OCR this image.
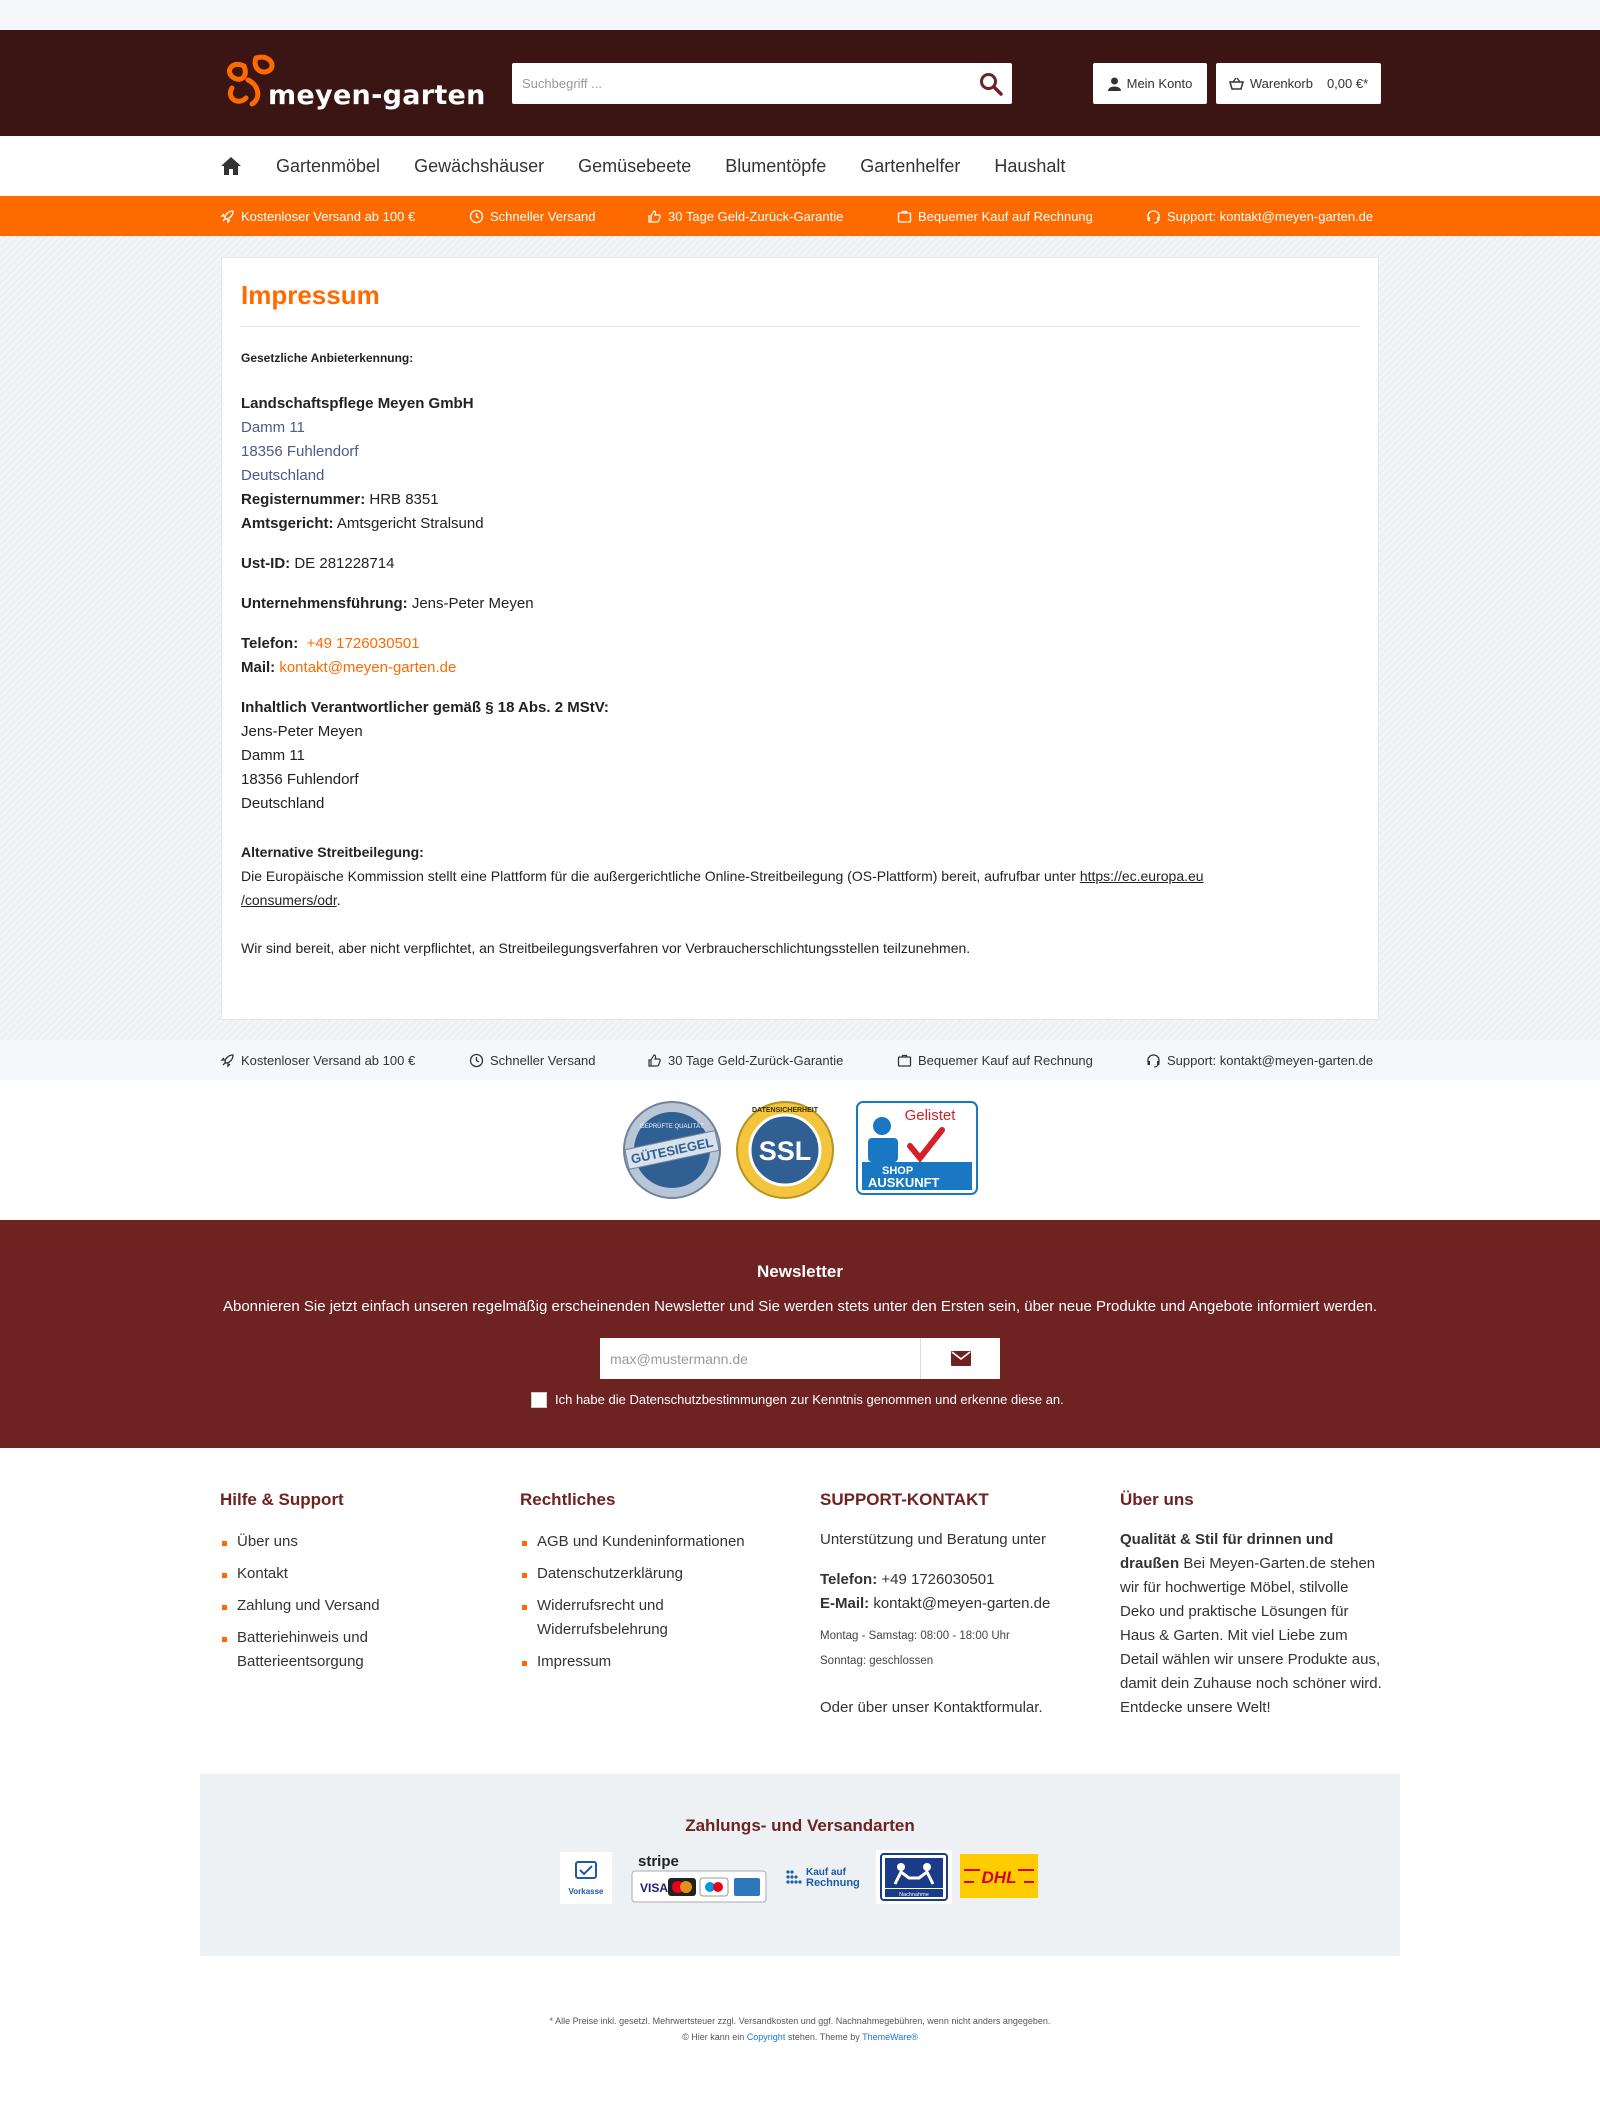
meyen-garten
Suchbegriff ...	Mein Konto	Warenkorb 0,00 €*
Gartenmöbel Gewächshäuser Gemüsebeete Blumentöpfe Gartenhelfer Haushalt
Kostenloser Versand ab 100 €	Schneller Versand	30 Tage Geld-Zurück-Garantie	Bequemer Kauf auf Rechnung	Support: kontakt@meyen-garten.de
Impressum
Gesetzliche Anbieterkennung:
Landschaftspflege Meyen GmbH
Damm 11
18356 Fuhlendorf
Deutschland
Registernummer: HRB 8351
Amtsgericht: Amtsgericht Stralsund
Ust-ID: DE 281228714
Unternehmensführung: Jens-Peter Meyen
Telefon: +49 1726030501
Mail: kontakt@meyen-garten.de
Inhaltlich Verantwortlicher gemäß § 18 Abs. 2 MStV:
Jens-Peter Meyen
Damm 11
18356 Fuhlendorf
Deutschland
Alternative Streitbeilegung:
Die Europäische Kommission stellt eine Plattform für die außergerichtliche Online-Streitbeilegung (OS-Plattform) bereit, aufrufbar unter https://ec.europa.eu
/consumers/odr.
Wir sind bereit, aber nicht verpflichtet, an Streitbeilegungsverfahren vor Verbraucherschlichtungsstellen teilzunehmen.
Kostenloser Versand ab 100 €	Schneller Versand	30 Tage Geld-Zurück-Garantie	Bequemer Kauf auf Rechnung	Support: kontakt@meyen-garten.de
GÜTESIEGEL
GEPRÜFTE QUALITÄT
SSL
DATENSICHERHEIT	Gelistet
SHOP
AUSKUNFT
Newsletter
Abonnieren Sie jetzt einfach unseren regelmäßig erscheinenden Newsletter und Sie werden stets unter den Ersten sein, über neue Produkte und Angebote informiert werden.
max@mustermann.de
Ich habe die Datenschutzbestimmungen zur Kenntnis genommen und erkenne diese an.
Hilfe & Support
Über uns
Kontakt
Zahlung und Versand
Batteriehinweis und Batterieentsorgung
Rechtliches
AGB und Kundeninformationen
Datenschutzerklärung
Widerrufsrecht und Widerrufsbelehrung
Impressum
SUPPORT-KONTAKT
Unterstützung und Beratung unter
Telefon: +49 1726030501
E-Mail: kontakt@meyen-garten.de
Montag - Samstag: 08:00 - 18:00 Uhr
Sonntag: geschlossen
Oder über unser Kontaktformular.
Über uns
Qualität & Stil für drinnen und draußen Bei Meyen-Garten.de stehen wir für hochwertige Möbel, stilvolle Deko und praktische Lösungen für Haus & Garten. Mit viel Liebe zum Detail wählen wir unsere Produkte aus, damit dein Zuhause noch schöner wird. Entdecke unsere Welt!
Zahlungs- und Versandarten
Vorkasse
stripe
VISA
Kauf auf
Rechnung
Nachnahme
DHL
* Alle Preise inkl. gesetzl. Mehrwertsteuer zzgl. Versandkosten und ggf. Nachnahmegebühren, wenn nicht anders angegeben.
© Hier kann ein Copyright stehen. Theme by ThemeWare®
